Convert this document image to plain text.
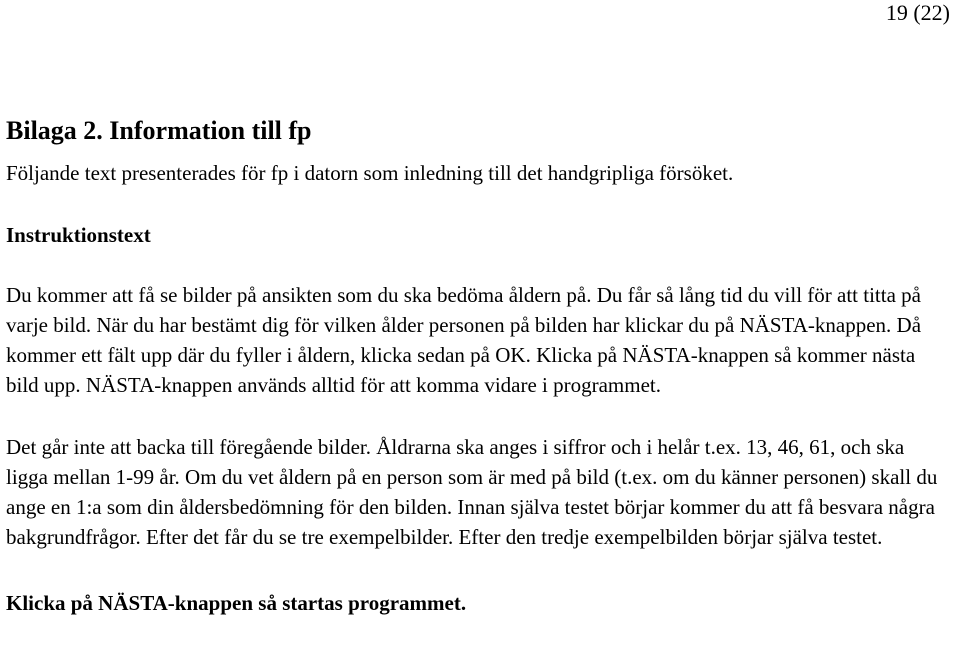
19 (22)
Bilaga 2. Information till fp

Följande text presenterades för fp i datorn som inledning till det handgripliga försöket.

Instruktionstext

Du kommer att få se bilder på ansikten som du ska bedöma åldern på. Du får så lång tid du vill för att titta på varje bild. När du har bestämt dig för vilken ålder personen på bilden har klickar du på NÄSTA-knappen. Då kommer ett fält upp där du fyller i åldern, klicka sedan på OK. Klicka på NÄSTA-knappen så kommer nästa bild upp. NÄSTA-knappen används alltid för att komma vidare i programmet.

Det går inte att backa till föregående bilder. Åldrarna ska anges i siffror och i helår t.ex. 13, 46, 61, och ska ligga mellan 1-99 år. Om du vet åldern på en person som är med på bild (t.ex. om du känner personen) skall du ange en 1:a som din åldersbedömning för den bilden. Innan själva testet börjar kommer du att få besvara några bakgrundfrågor. Efter det får du se tre exempelbilder. Efter den tredje exempelbilden börjar själva testet.

Klicka på NÄSTA-knappen så startas programmet.
